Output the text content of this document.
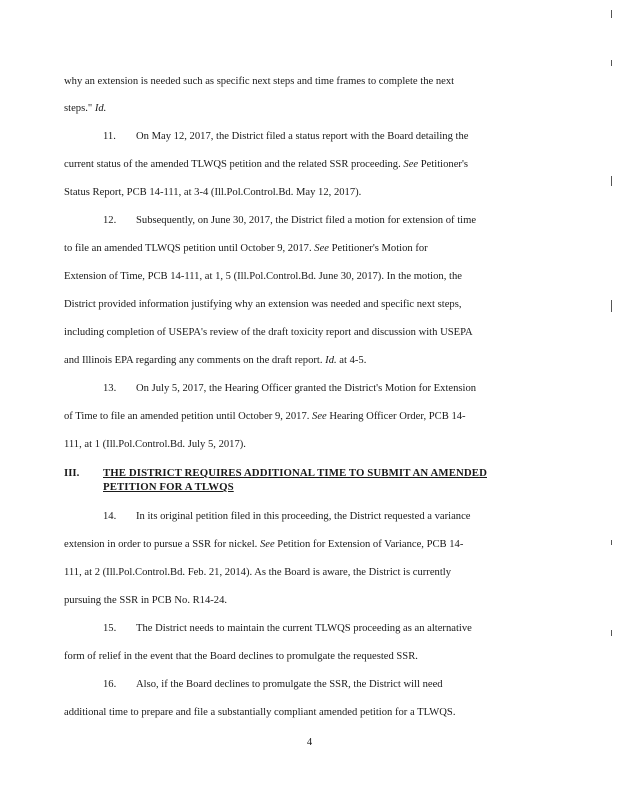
why an extension is needed such as specific next steps and time frames to complete the next
steps." Id.
11. On May 12, 2017, the District filed a status report with the Board detailing the
current status of the amended TLWQS petition and the related SSR proceeding. See Petitioner's
Status Report, PCB 14-111, at 3-4 (Ill.Pol.Control.Bd. May 12, 2017).
12. Subsequently, on June 30, 2017, the District filed a motion for extension of time
to file an amended TLWQS petition until October 9, 2017. See Petitioner's Motion for
Extension of Time, PCB 14-111, at 1, 5 (Ill.Pol.Control.Bd. June 30, 2017). In the motion, the
District provided information justifying why an extension was needed and specific next steps,
including completion of USEPA's review of the draft toxicity report and discussion with USEPA
and Illinois EPA regarding any comments on the draft report. Id. at 4-5.
13. On July 5, 2017, the Hearing Officer granted the District's Motion for Extension
of Time to file an amended petition until October 9, 2017. See Hearing Officer Order, PCB 14-
111, at 1 (Ill.Pol.Control.Bd. July 5, 2017).
III. THE DISTRICT REQUIRES ADDITIONAL TIME TO SUBMIT AN AMENDED
PETITION FOR A TLWQS
14. In its original petition filed in this proceeding, the District requested a variance
extension in order to pursue a SSR for nickel. See Petition for Extension of Variance, PCB 14-
111, at 2 (Ill.Pol.Control.Bd. Feb. 21, 2014). As the Board is aware, the District is currently
pursuing the SSR in PCB No. R14-24.
15. The District needs to maintain the current TLWQS proceeding as an alternative
form of relief in the event that the Board declines to promulgate the requested SSR.
16. Also, if the Board declines to promulgate the SSR, the District will need
additional time to prepare and file a substantially compliant amended petition for a TLWQS.
4
